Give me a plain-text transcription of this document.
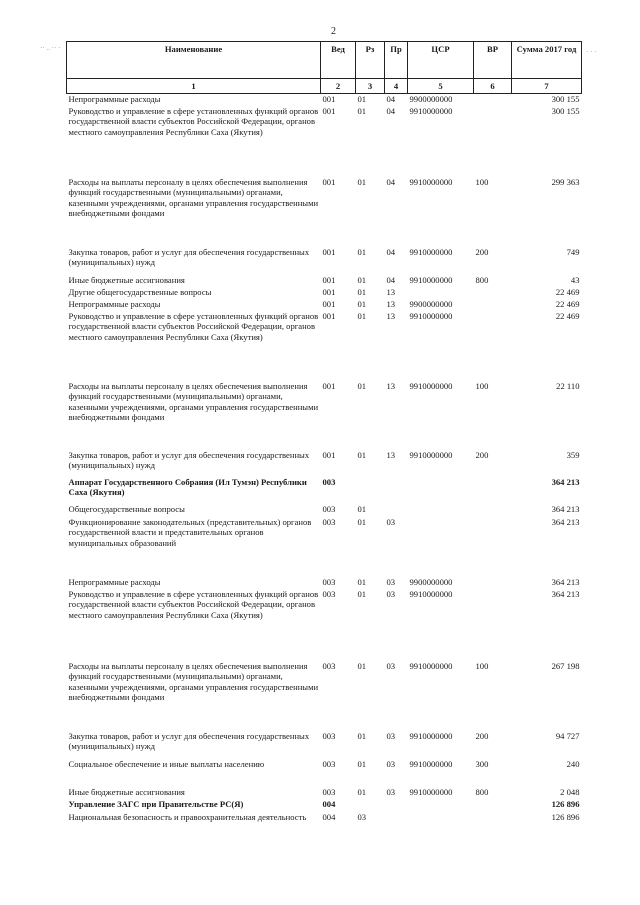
2
·· .. ·· ·	· · ·
Наименование	Вед	Рз	Пр	ЦСР	ВР	Сумма 2017 год
1	2	3	4	5	6	7
Непрограммные расходы	001	01	04	9900000000		300 155
Руководство и управление в сфере установленных функций органов государственной власти субъектов Российской Федерации, органов местного самоуправления Республики Саха (Якутия)	001	01	04	9910000000		300 155
Расходы на выплаты персоналу в целях обеспечения выполнения функций государственными (муниципальными) органами, казенными учреждениями, органами управления государственными внебюджетными фондами	001	01	04	9910000000	100	299 363
Закупка товаров, работ и услуг для обеспечения государственных (муниципальных) нужд	001	01	04	9910000000	200	749
Иные бюджетные ассигнования	001	01	04	9910000000	800	43
Другие общегосударственные вопросы	001	01	13			22 469
Непрограммные расходы	001	01	13	9900000000		22 469
Руководство и управление в сфере установленных функций органов государственной власти субъектов Российской Федерации, органов местного самоуправления Республики Саха (Якутия)	001	01	13	9910000000		22 469
Расходы на выплаты персоналу в целях обеспечения выполнения функций государственными (муниципальными) органами, казенными учреждениями, органами управления государственными внебюджетными фондами	001	01	13	9910000000	100	22 110
Закупка товаров, работ и услуг для обеспечения государственных (муниципальных) нужд	001	01	13	9910000000	200	359
Аппарат Государственного Собрания (Ил Тумэн) Республики Саха (Якутия)	003					364 213
Общегосударственные вопросы	003	01				364 213
Функционирование законодательных (представительных) органов государственной власти и представительных органов муниципальных образований	003	01	03			364 213
Непрограммные расходы	003	01	03	9900000000		364 213
Руководство и управление в сфере установленных функций органов государственной власти субъектов Российской Федерации, органов местного самоуправления Республики Саха (Якутия)	003	01	03	9910000000		364 213
Расходы на выплаты персоналу в целях обеспечения выполнения функций государственными (муниципальными) органами, казенными учреждениями, органами управления государственными внебюджетными фондами	003	01	03	9910000000	100	267 198
Закупка товаров, работ и услуг для обеспечения государственных (муниципальных) нужд	003	01	03	9910000000	200	94 727
Социальное обеспечение и иные выплаты населению	003	01	03	9910000000	300	240
Иные бюджетные ассигнования	003	01	03	9910000000	800	2 048
Управление ЗАГС при Правительстве РС(Я)	004					126 896
Национальная безопасность и правоохранительная деятельность	004	03				126 896
